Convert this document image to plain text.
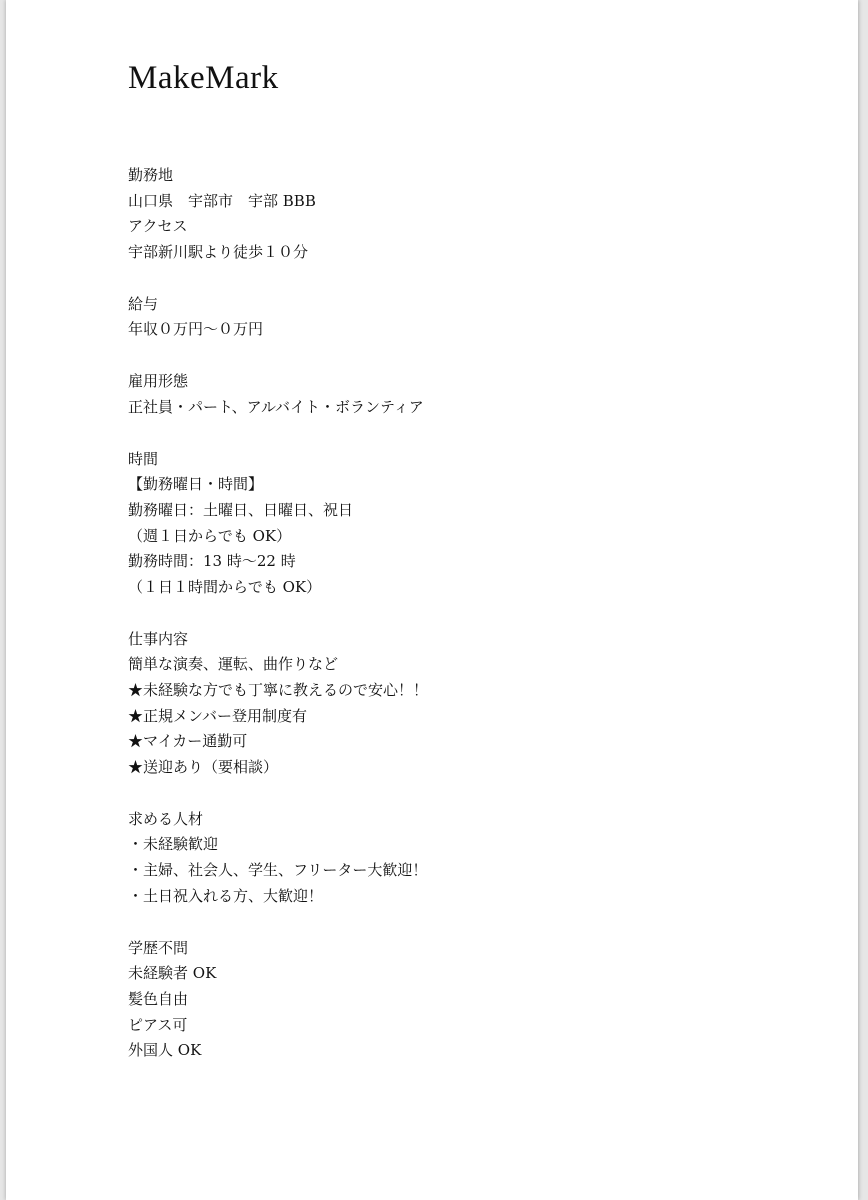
MakeMark
勤務地
山口県　宇部市　宇部 BBB
アクセス
宇部新川駅より徒歩１０分
給与
年収０万円〜０万円
雇用形態
正社員・パート、アルバイト・ボランティア
時間
【勤務曜日・時間】
勤務曜日：土曜日、日曜日、祝日
（週１日からでも OK）
勤務時間：13 時〜22 時
（１日１時間からでも OK）
仕事内容
簡単な演奏、運転、曲作りなど
★未経験な方でも丁寧に教えるので安心！！
★正規メンバー登用制度有
★マイカー通勤可
★送迎あり（要相談）
求める人材
・未経験歓迎
・主婦、社会人、学生、フリーター大歓迎！
・土日祝入れる方、大歓迎！
学歴不問
未経験者 OK
髪色自由
ピアス可
外国人 OK
